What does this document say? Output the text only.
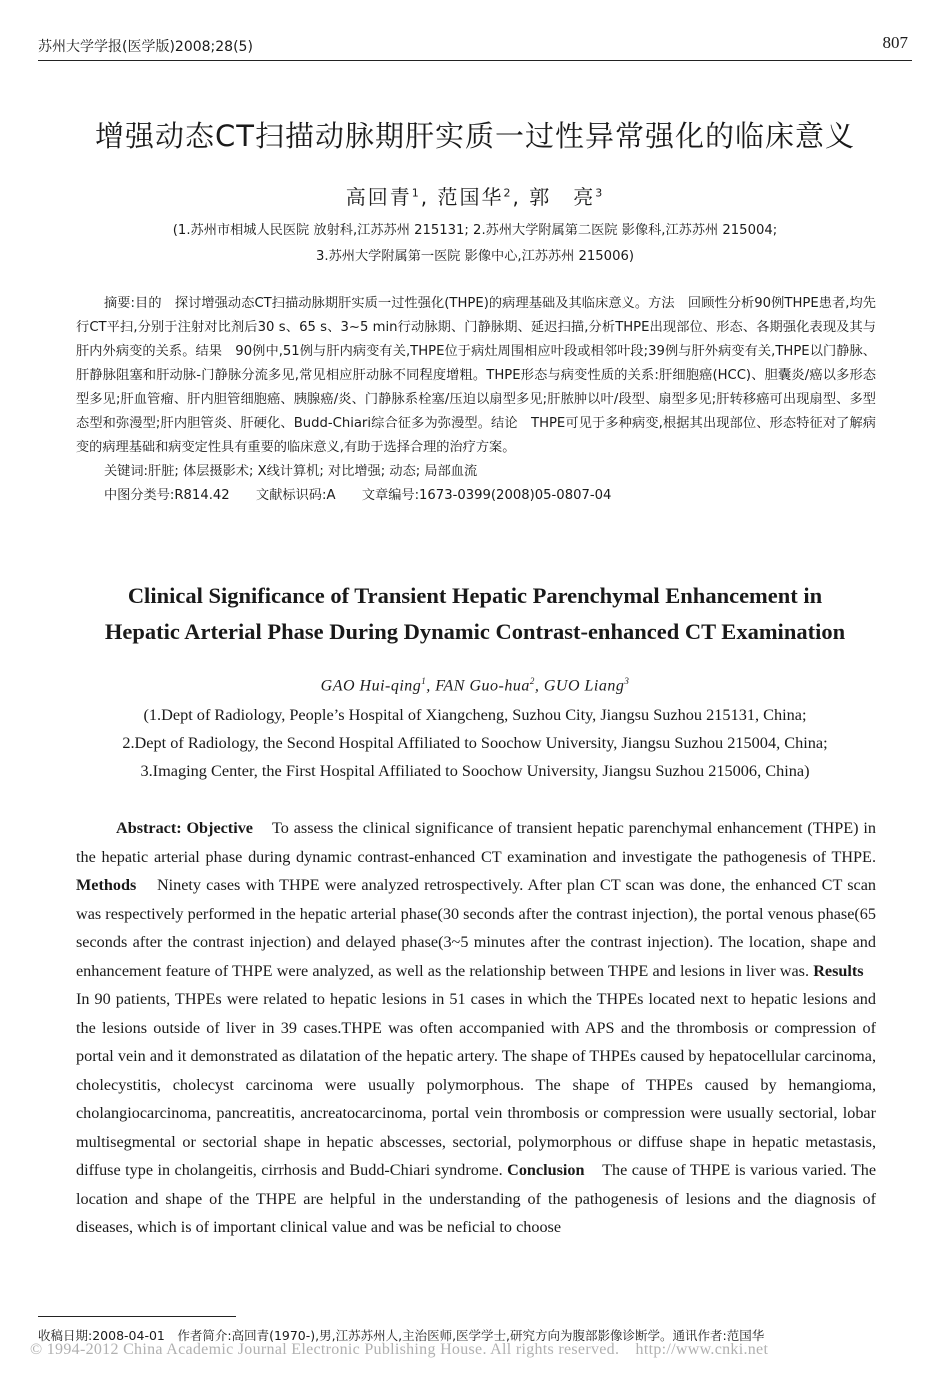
苏州大学学报(医学版)2008;28(5)	807
增强动态CT扫描动脉期肝实质一过性异常强化的临床意义
高回青$^1$, 范国华$^2$, 郭　亮$^3$
(1.苏州市相城人民医院 放射科,江苏苏州 215131; 2.苏州大学附属第二医院 影像科,江苏苏州 215004;
3.苏州大学附属第一医院 影像中心,江苏苏州 215006)

摘要:目的　探讨增强动态CT扫描动脉期肝实质一过性强化(THPE)的病理基础及其临床意义。方法　回顾性分析90例THPE患者,均先行CT平扫,分别于注射对比剂后30 s、65 s、3~5 min行动脉期、门静脉期、延迟扫描,分析THPE出现部位、形态、各期强化表现及其与肝内外病变的关系。结果　90例中,51例与肝内病变有关,THPE位于病灶周围相应叶段或相邻叶段;39例与肝外病变有关,THPE以门静脉、肝静脉阻塞和肝动脉-门静脉分流多见,常见相应肝动脉不同程度增粗。THPE形态与病变性质的关系:肝细胞癌(HCC)、胆囊炎/癌以多形态型多见;肝血管瘤、肝内胆管细胞癌、胰腺癌/炎、门静脉系栓塞/压迫以扇型多见;肝脓肿以叶/段型、扇型多见;肝转移癌可出现扇型、多型态型和弥漫型;肝内胆管炎、肝硬化、Budd-Chiari综合征多为弥漫型。结论　THPE可见于多种病变,根据其出现部位、形态特征对了解病变的病理基础和病变定性具有重要的临床意义,有助于选择合理的治疗方案。

关键词:肝脏; 体层摄影术; X线计算机; 对比增强; 动态; 局部血流

中图分类号:R814.42　　文献标识码:A　　文章编号:1673-0399(2008)05-0807-04

Clinical Significance of Transient Hepatic Parenchymal Enhancement in
Hepatic Arterial Phase During Dynamic Contrast-enhanced CT Examination
GAO Hui-qing$^1$, FAN Guo-hua$^2$, GUO Liang$^3$
(1.Dept of Radiology, People’s Hospital of Xiangcheng, Suzhou City, Jiangsu Suzhou 215131, China;
2.Dept of Radiology, the Second Hospital Affiliated to Soochow University, Jiangsu Suzhou 215004, China;
3.Imaging Center, the First Hospital Affiliated to Soochow University, Jiangsu Suzhou 215006, China)

Abstract: Objective To assess the clinical significance of transient hepatic parenchymal enhancement (THPE) in the hepatic arterial phase during dynamic contrast-enhanced CT examination and investigate the pathogenesis of THPE. Methods Ninety cases with THPE were analyzed retrospectively. After plan CT scan was done, the enhanced CT scan was respectively performed in the hepatic arterial phase(30 seconds after the contrast injection), the portal venous phase(65 seconds after the contrast injection) and delayed phase(3~5 minutes after the contrast injection). The location, shape and enhancement feature of THPE were analyzed, as well as the relationship between THPE and lesions in liver was. Results    In 90 patients, THPEs were related to hepatic lesions in 51 cases in which the THPEs located next to hepatic lesions and the lesions outside of liver in 39 cases.THPE was often accompanied with APS and the thrombosis or compression of portal vein and it demonstrated as dilatation of the hepatic artery. The shape of THPEs caused by hepatocellular carcinoma, cholecystitis, cholecyst carcinoma were usually polymorphous. The shape of THPEs caused by hemangioma, cholangiocarcinoma, pancreatitis, ancreatocarcinoma, portal vein thrombosis or compression were usually sectorial, lobar multisegmental or sectorial shape in hepatic abscesses, sectorial, polymorphous or diffuse shape in hepatic metastasis, diffuse type in cholangeitis, cirrhosis and Budd-Chiari syndrome. Conclusion The cause of THPE is various varied. The location and shape of the THPE are helpful in the understanding of the pathogenesis of lesions and the diagnosis of diseases, which is of important clinical value and was be neficial to choose

收稿日期:2008-04-01　作者简介:高回青(1970-),男,江苏苏州人,主治医师,医学学士,研究方向为腹部影像诊断学。通讯作者:范国华
© 1994-2012 China Academic Journal Electronic Publishing House. All rights reserved.　http://www.cnki.net
